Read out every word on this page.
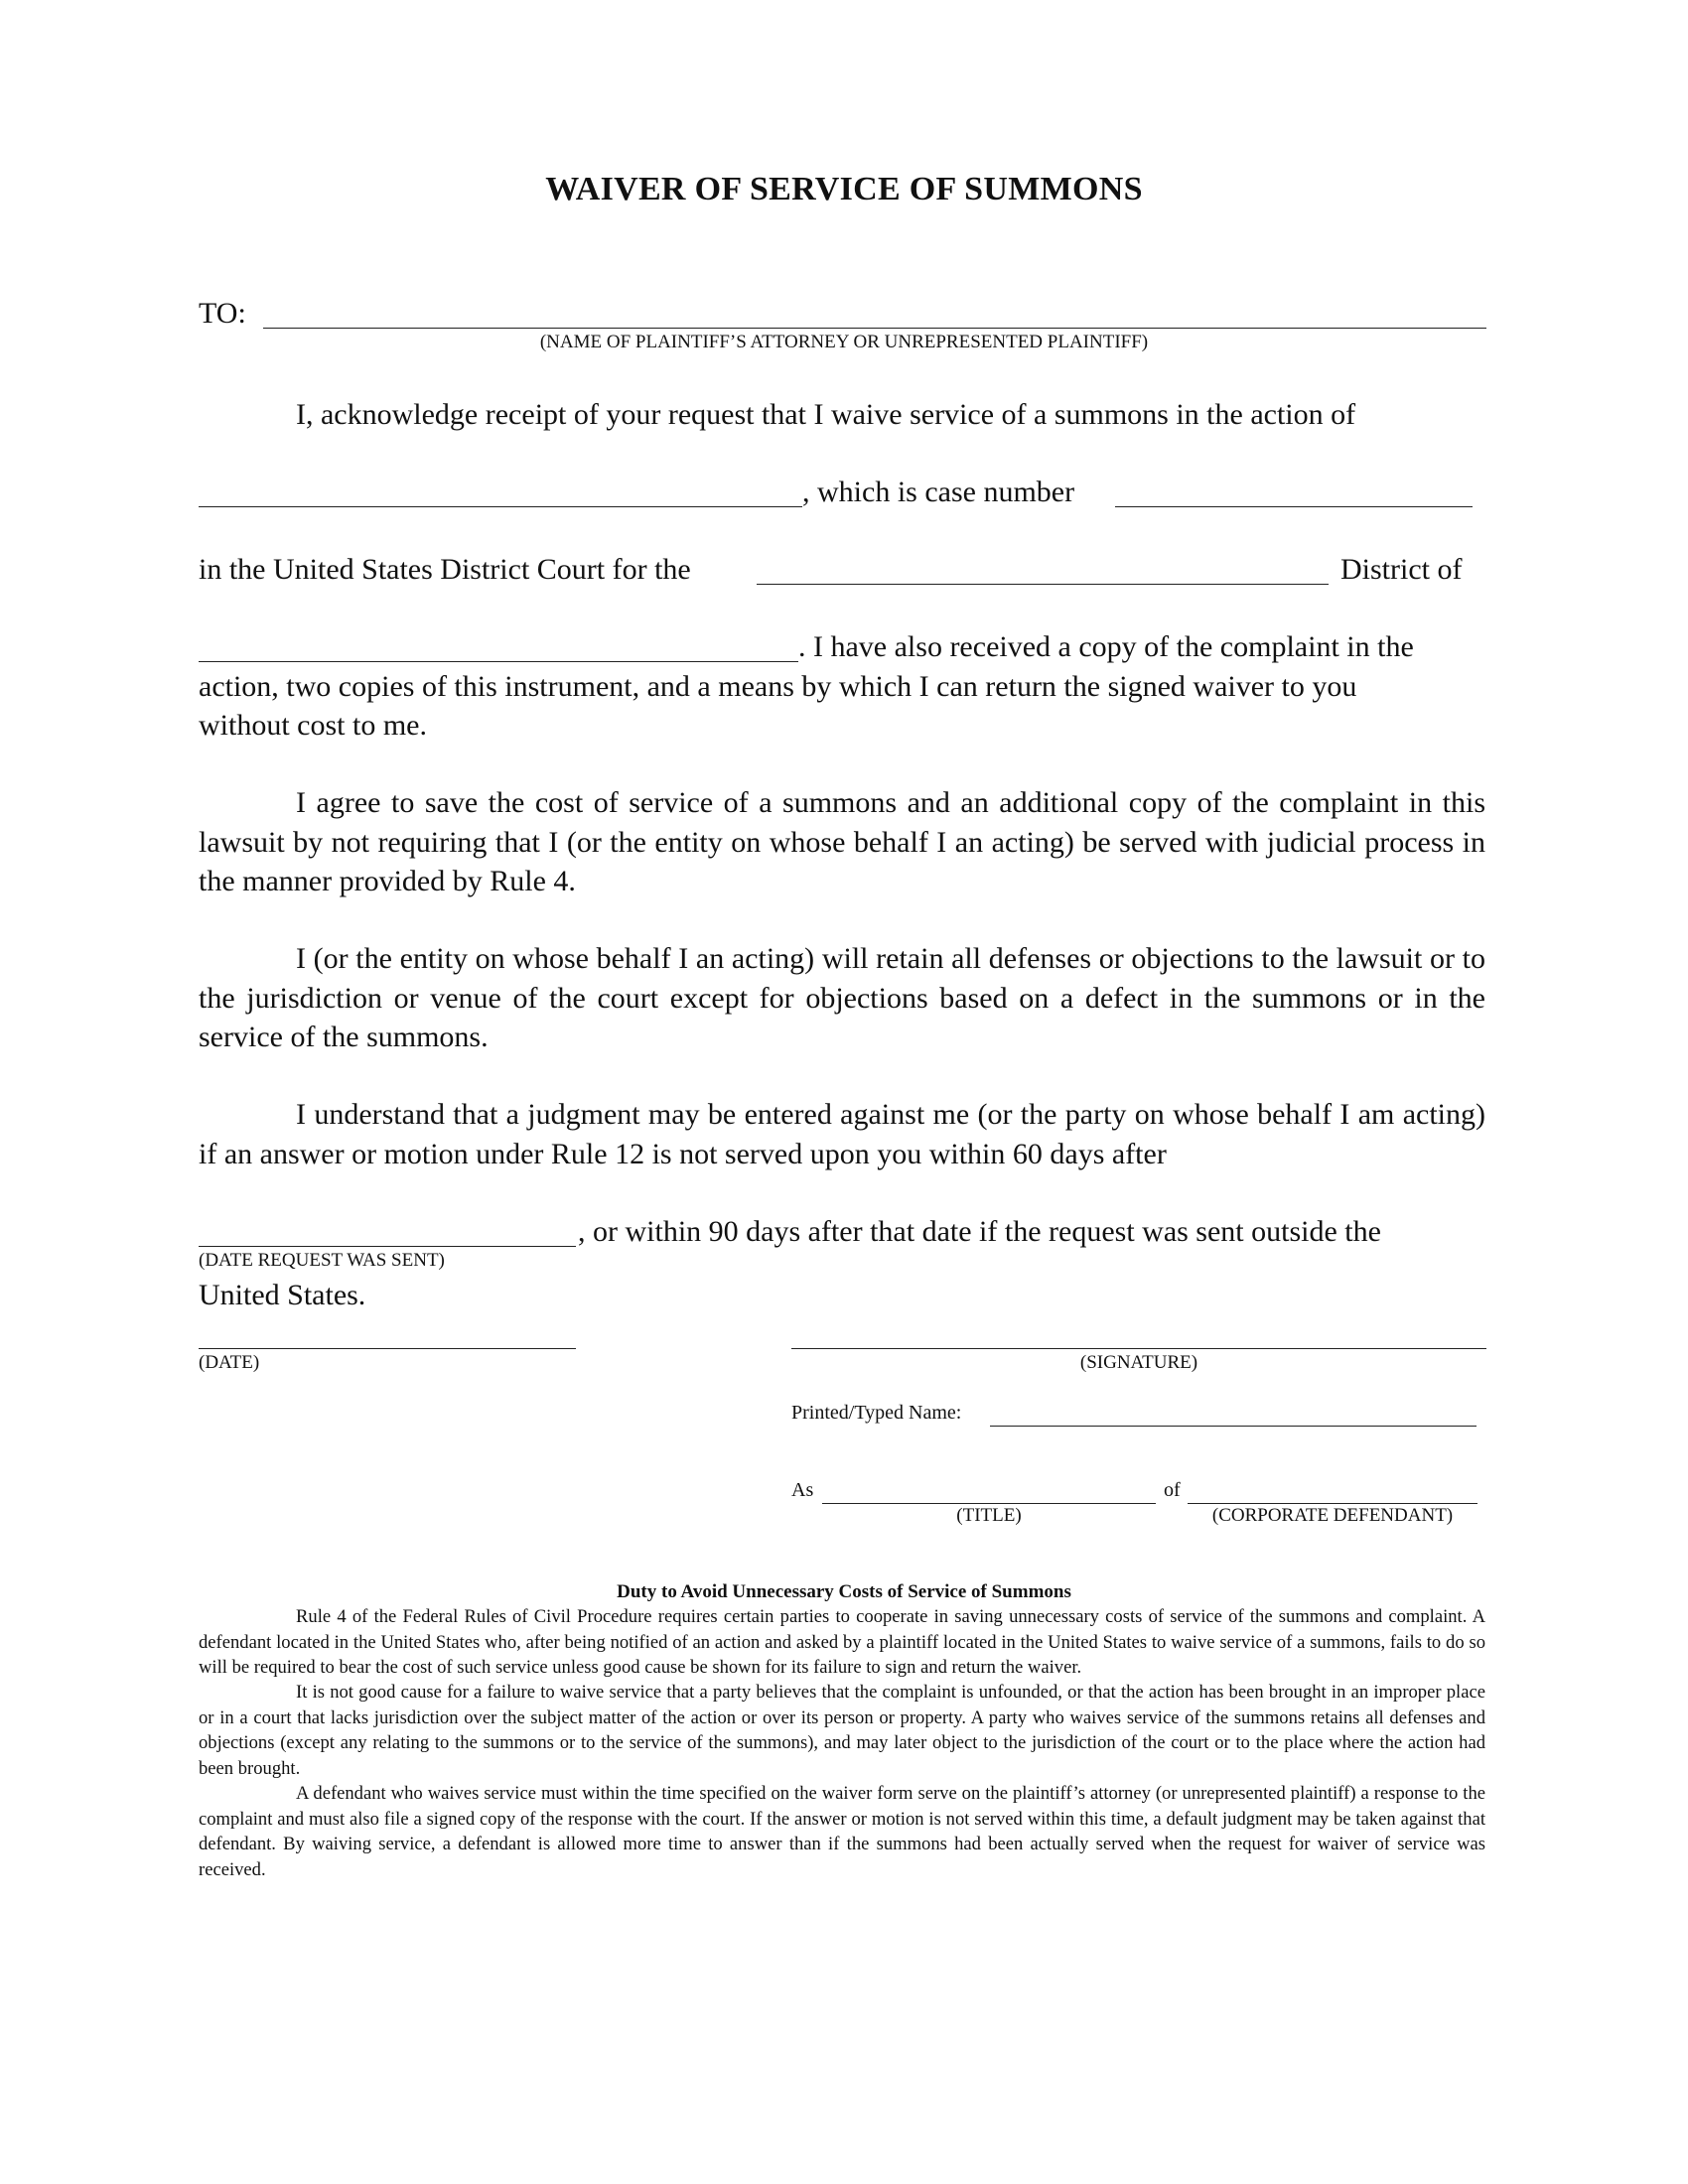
WAIVER OF SERVICE OF SUMMONS
TO:
(NAME OF PLAINTIFF’S ATTORNEY OR UNREPRESENTED PLAINTIFF)
I, acknowledge receipt of your request that I waive service of a summons in the action of
, which is case number
in the United States District Court for the	District of
. I have also received a copy of the complaint in the
action, two copies of this instrument, and a means by which I can return the signed waiver to you
without cost to me.
I agree to save the cost of service of a summons and an additional copy of the complaint in this lawsuit by not requiring that I (or the entity on whose behalf I an acting) be served with judicial process in the manner provided by Rule 4.
I (or the entity on whose behalf I an acting) will retain all defenses or objections to the lawsuit or to the jurisdiction or venue of the court except for objections based on a defect in the summons or in the service of the summons.
I understand that a judgment may be entered against me (or the party on whose behalf I am acting) if an answer or motion under Rule 12 is not served upon you within 60 days after
, or within 90 days after that date if the request was sent outside the
(DATE REQUEST WAS SENT)
United States.
(DATE)	(SIGNATURE)
Printed/Typed Name:
As	of
(TITLE)	(CORPORATE DEFENDANT)
Duty to Avoid Unnecessary Costs of Service of Summons
Rule 4 of the Federal Rules of Civil Procedure requires certain parties to cooperate in saving unnecessary costs of service of the summons and complaint. A defendant located in the United States who, after being notified of an action and asked by a plaintiff located in the United States to waive service of a summons, fails to do so will be required to bear the cost of such service unless good cause be shown for its failure to sign and return the waiver.
It is not good cause for a failure to waive service that a party believes that the complaint is unfounded, or that the action has been brought in an improper place or in a court that lacks jurisdiction over the subject matter of the action or over its person or property. A party who waives service of the summons retains all defenses and objections (except any relating to the summons or to the service of the summons), and may later object to the jurisdiction of the court or to the place where the action had been brought.
A defendant who waives service must within the time specified on the waiver form serve on the plaintiff’s attorney (or unrepresented plaintiff) a response to the complaint and must also file a signed copy of the response with the court. If the answer or motion is not served within this time, a default judgment may be taken against that defendant. By waiving service, a defendant is allowed more time to answer than if the summons had been actually served when the request for waiver of service was received.
